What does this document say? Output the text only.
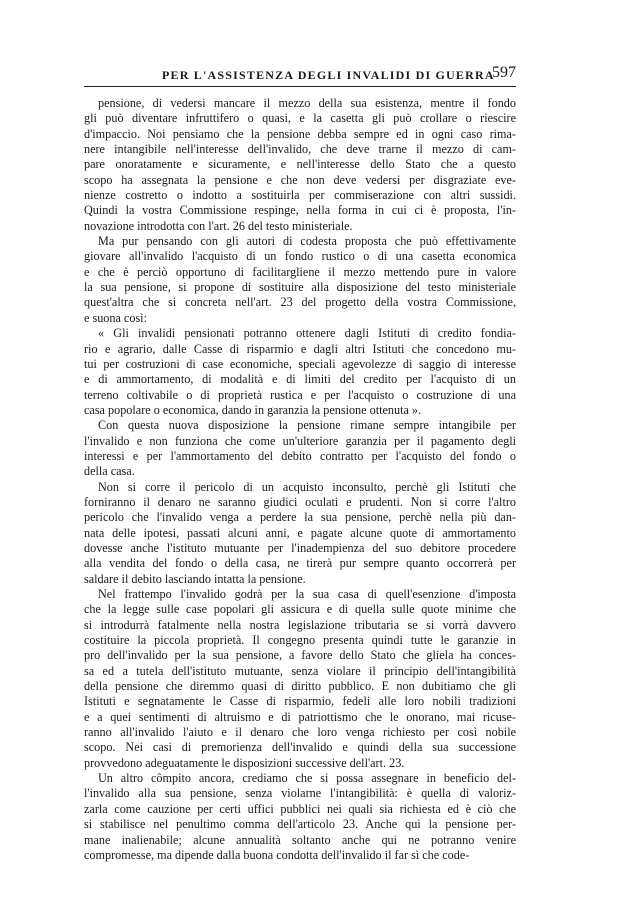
PER L'ASSISTENZA DEGLI INVALIDI DI GUERRA
597
pensione, di vedersi mancare il mezzo della sua esistenza, mentre il fondo
gli può diventare infruttifero o quasi, e la casetta gli può crollare o riescire
d'impaccio. Noi pensiamo che la pensione debba sempre ed in ogni caso rima-
nere intangibile nell'interesse dell'invalido, che deve trarne il mezzo di cam-
pare onoratamente e sicuramente, e nell'interesse dello Stato che a questo
scopo ha assegnata la pensione e che non deve vedersi per disgraziate eve-
nienze costretto o indotto a sostituirla per commiserazione con altri sussidi.
Quindi la vostra Commissione respinge, nella forma in cui ci è proposta, l'in-
novazione introdotta con l'art. 26 del testo ministeriale.
Ma pur pensando con gli autori di codesta proposta che può effettivamente
giovare all'invalido l'acquisto di un fondo rustico o di una casetta economica
e che è perciò opportuno di facilitargliene il mezzo mettendo pure in valore
la sua pensione, si propone di sostituire alla disposizione del testo ministeriale
quest'altra che si concreta nell'art. 23 del progetto della vostra Commissione,
e suona così:
« Gli invalidi pensionati potranno ottenere dagli Istituti di credito fondia-
rio e agrario, dalle Casse di risparmio e dagli altri Istituti che concedono mu-
tui per costruzioni di case economiche, speciali agevolezze di saggio di interesse
e di ammortamento, di modalità e di limiti del credito per l'acquisto di un
terreno coltivabile o di proprietà rustica e per l'acquisto o costruzione di una
casa popolare o economica, dando in garanzia la pensione ottenuta ».
Con questa nuova disposizione la pensione rimane sempre intangibile per
l'invalido e non funziona che come un'ulteriore garanzia per il pagamento degli
interessi e per l'ammortamento del debito contratto per l'acquisto del fondo o
della casa.
Non si corre il pericolo di un acquisto inconsulto, perchè gli Istituti che
forniranno il denaro ne saranno giudici oculati e prudenti. Non si corre l'altro
pericolo che l'invalido venga a perdere la sua pensione, perchè nella più dan-
nata delle ipotesi, passati alcuni anni, e pagate alcune quote di ammortamento
dovesse anche l'istituto mutuante per l'inadempienza del suo debitore procedere
alla vendita del fondo o della casa, ne tirerà pur sempre quanto occorrerà per
saldare il debito lasciando intatta la pensione.
Nel frattempo l'invalido godrà per la sua casa di quell'esenzione d'imposta
che la legge sulle case popolari gli assicura e di quella sulle quote minime che
si introdurrà fatalmente nella nostra legislazione tributaria se si vorrà davvero
costituire la piccola proprietà. Il congegno presenta quindi tutte le garanzie in
pro dell'invalido per la sua pensione, a favore dello Stato che gliela ha conces-
sa ed a tutela dell'istituto mutuante, senza violare il principio dell'intangibilità
della pensione che diremmo quasi di diritto pubblico. E non dubitiamo che gli
Istituti e segnatamente le Casse di risparmio, fedeli alle loro nobili tradizioni
e a quei sentimenti di altruismo e di patriottismo che le onorano, mai ricuse-
ranno all'invalido l'aiuto e il denaro che loro venga richiesto per così nobile
scopo. Nei casi di premorienza dell'invalido e quindi della sua successione
provvedono adeguatamente le disposizioni successive dell'art. 23.
Un altro cômpito ancora, crediamo che si possa assegnare in beneficio del-
l'invalido alla sua pensione, senza violarne l'intangibilità: è quella di valoriz-
zarla come cauzione per certi uffici pubblici nei quali sia richiesta ed è ciò che
si stabilisce nel penultimo comma dell'articolo 23. Anche qui la pensione per-
mane inalienabile; alcune annualità soltanto anche qui ne potranno venire
compromesse, ma dipende dalla buona condotta dell'invalido il far sì che code-
